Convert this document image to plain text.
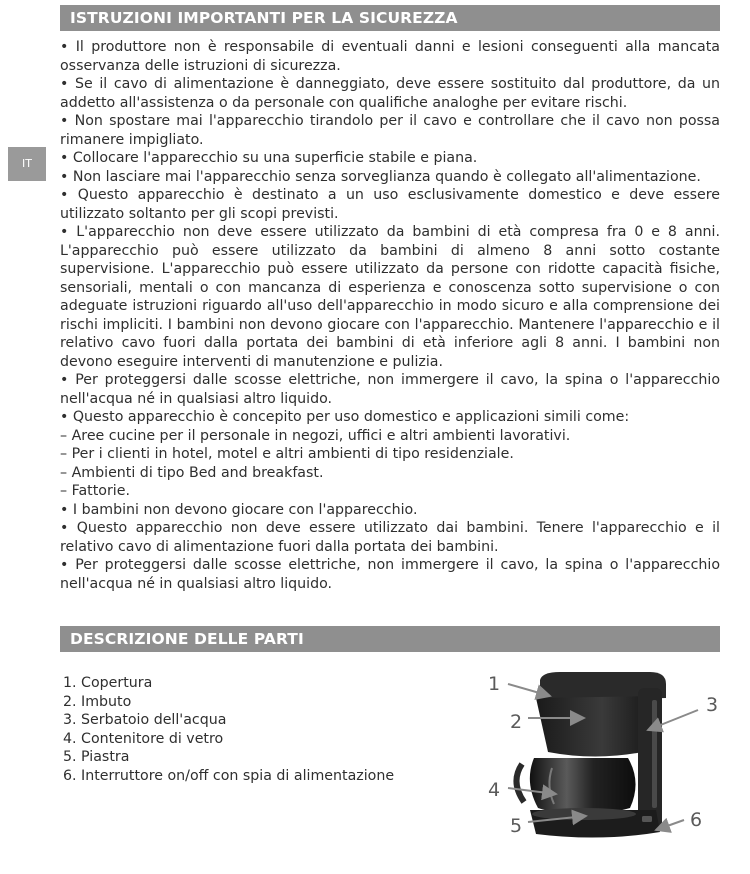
ISTRUZIONI IMPORTANTI PER LA SICUREZZA
IT

• Il produttore non è responsabile di eventuali danni e lesioni conseguenti alla mancata osservanza delle istruzioni di sicurezza.

• Se il cavo di alimentazione è danneggiato, deve essere sostituito dal produttore, da un addetto all'assistenza o da personale con qualifiche analoghe per evitare rischi.

• Non spostare mai l'apparecchio tirandolo per il cavo e controllare che il cavo non possa rimanere impigliato.

• Collocare l'apparecchio su una superficie stabile e piana.

• Non lasciare mai l'apparecchio senza sorveglianza quando è collegato all'alimentazione.

• Questo apparecchio è destinato a un uso esclusivamente domestico e deve essere utilizzato soltanto per gli scopi previsti.

• L'apparecchio non deve essere utilizzato da bambini di età compresa fra 0 e 8 anni. L'apparecchio può essere utilizzato da bambini di almeno 8 anni sotto costante supervisione. L'apparecchio può essere utilizzato da persone con ridotte capacità fisiche, sensoriali, mentali o con mancanza di esperienza e conoscenza sotto supervisione o con adeguate istruzioni riguardo all'uso dell'apparecchio in modo sicuro e alla comprensione dei rischi impliciti. I bambini non devono giocare con l'apparecchio. Mantenere l'apparecchio e il relativo cavo fuori dalla portata dei bambini di età inferiore agli 8 anni. I bambini non devono eseguire interventi di manutenzione e pulizia.

• Per proteggersi dalle scosse elettriche, non immergere il cavo, la spina o l'apparecchio nell'acqua né in qualsiasi altro liquido.

• Questo apparecchio è concepito per uso domestico e applicazioni simili come:

– Aree cucine per il personale in negozi, uffici e altri ambienti lavorativi.

– Per i clienti in hotel, motel e altri ambienti di tipo residenziale.

– Ambienti di tipo Bed and breakfast.

– Fattorie.

• I bambini non devono giocare con l'apparecchio.

• Questo apparecchio non deve essere utilizzato dai bambini. Tenere l'apparecchio e il relativo cavo di alimentazione fuori dalla portata dei bambini.

• Per proteggersi dalle scosse elettriche, non immergere il cavo, la spina o l'apparecchio nell'acqua né in qualsiasi altro liquido.

DESCRIZIONE DELLE PARTI
1. Copertura
2. Imbuto
3. Serbatoio dell'acqua
4. Contenitore di vetro
5. Piastra
6. Interruttore on/off con spia di alimentazione
1
2
3
4
5	6
